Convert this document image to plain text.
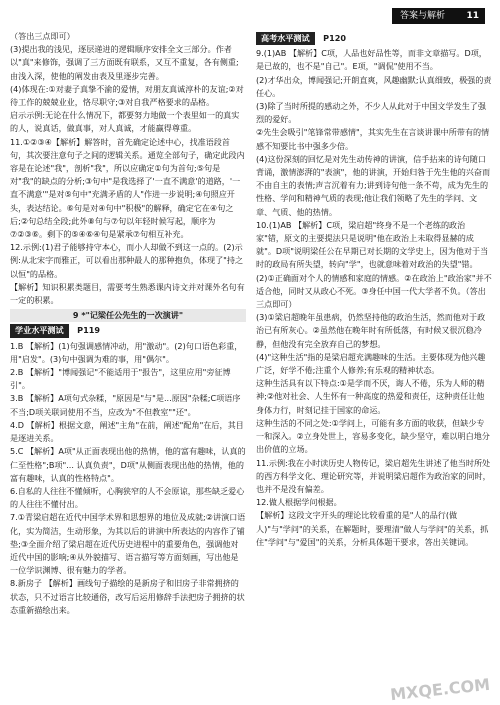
答案与解析 11

（答出三点即可）

(3)提出我的浅见，逐层递进的逻辑顺序安排全文三部分。作者以"真"来修饰，强调了三方面既有联系，又互不重复，各有侧重;由浅入深，使他的阐发由表及里逐步完善。

(4)体现在:①对妻子真挚不渝的爱情，对朋友真诚淳朴的友谊;②对待工作的兢兢业业，恪尽职守;③对自我严格要求的品格。

启示示例:无论在什么情况下，都要努力地做一个表里如一的真实的人，说真话，做真事，对人真诚，才能赢得尊重。

11.①②③④【解析】解答时，首先确定论述中心，找准语段首句，其次要注意句子之间的逻辑关系。通览全部句子，确定此段内容是在论述"我"，剖析"我"，所以应确定①句为首句;⑤句是对"我"的缺点的分析;③句中"是我选择了'一直不满意'的道路，'一直不满意'"是对⑤句中"充满矛盾的人"作进一步说明;④句照应开头，表达结论。⑥句是对④句中"积极"的解释，确定它在④句之后;②句总结全段;此外⑧句与⑦句以年轻时候写起，顺序为⑦②③⑥。剩下的⑤④⑥④句是紧承⑦句相互补充。

12.示例:(1)君子能够持守本心，而小人却做不到这一点的。(2)示例:从北宋字而雅正，可以看出那种最人的那种抱负，体现了"持之以恒"的品格。

【解析】知识积累类题目，需要考生熟悉课内诗文并对课外名句有一定的积累。

9 *"记梁任公先生的一次演讲"
学业水平测试 P119

1.B 【解析】(1)句强调感情冲动，用"激动"。(2)句口语色彩重，用"启发"。(3)句中强调为难的事，用"偶尔"。

2.B 【解析】"博闻强记"不能适用于"报告"，这里应用"旁征博引"。

3.B 【解析】A项句式杂糅，"原因是"与"是...原因"杂糅;C项语序不当;D项关联词使用不当，应改为"不但教室""还"。

4.D 【解析】根据文意，阐述"主角"在前，阐述"配角"在后，其目是逐进关系。

5.C 【解析】A项"从正面表现出他的热情，他的富有趣味，认真的仁至性格";B项"... 认真负责"，D项"从侧面表现出他的热情，他的富有趣味，认真的性格特点"。

6.自私的人往往不懂倾听，心胸狭窄的人不会原谅，那些缺乏爱心的人往往不懂付出。

7.①青梁启超在近代中国学术界和思想界的地位及成就;②讲演口语化，实为简洁，生动形象，为其以后的讲演中所表达的内容作了铺垫;③全面介绍了梁启超在近代历史进程中的重要角色，强调他对近代中国的影响;④从外貌描写、语言描写等方面刻画，写出他是一位学识渊博、很有魅力的学者。

8.新房子 【解析】画线句子描绘的是新房子和旧房子非常拥挤的状态，只不过语言比较通俗，改写后运用修辞手法把房子拥挤的状态重新描绘出来。

高考水平测试 P120

9.(1)AB 【解析】C项，人品也好品性等，而非文章描写。D项，是已故的，也不是"自己"。E项，"调侃"使用不当。

(2)才华出众，博闻强记;开朗直爽，风趣幽默;认真细致，极强的责任心。

(3)除了当时所提的感动之外，不少人从此对于中国文学发生了强烈的爱好。

②先生会吸引"笔锋常带感情"，其实先生在言谈讲课中所带有的情感不知要比书中强多少倍。

(4)这份深刻的回忆是对先生动传神的讲演，信手拈来的诗句随口背诵，激情澎湃的"表演"，他的讲演，开始归咎于先生他的兴奋而不由自主的表情;声言沉着有力;讲到诗句他一条不苟，成为先生的性格、学问和精神气质的表现;他让我们领略了先生的学问、文章、气质、他的热情。

10.(1)AB 【解析】C项，梁启超"终身不是一个老练的政治家"错，原文的主要提法只是说明"他在政治上未取得显赫的成就"。D项"说明梁任公在早期已对长期的文学史上，因为他对于当时的政局有所失望，转向"学"，也就意味着对政治的失望"错。

(2)①正确面对个人的情感和家庭的情感。②在政治上"政治家"并不适合他，同时又从政心不死。③身任中国一代大学者不负。（答出三点即可）

(3)①梁启超晚年虽患病，仍然坚持他的政治生活，然而他对于政治已有所灰心。②虽然他在晚年时有所低落，有时候又很沉稳冷静，但他没有完全放弃自己的梦想。

(4)"这种生活"指的是梁启超充满趣味的生活。主要体现为他兴趣广泛，好学不倦;注重个人修养;有乐观的精神状态。

这种生活具有以下特点:①是学而不厌，诲人不倦，乐为人师的精神;②他对社会、人生怀有一种高度的热爱和责任，这种责任让他身体力行，时刻记挂于国家的命运。

这种生活的不同之处:①学问上，可能有多方面的收获，但缺少专一和深入。②立身处世上，容易多变化，缺少坚守，难以明白地分出价值的立场。

11.示例:我在小时读历史人物传记，梁启超先生讲述了他当时所处的西方科学文化、理论研究等，并说明梁启超作为政治家的同时，也并不是没有偏差。

12.做人根据学问根据。

【解析】这段文字开头的理论比较看重的是"人的品行(做人)"与"学问"的关系，在解题时，要理清"做人与学问"的关系，抓住"学问"与"爱国"的关系，分析具体题干要求，答出关键词。

MXQE.COM
